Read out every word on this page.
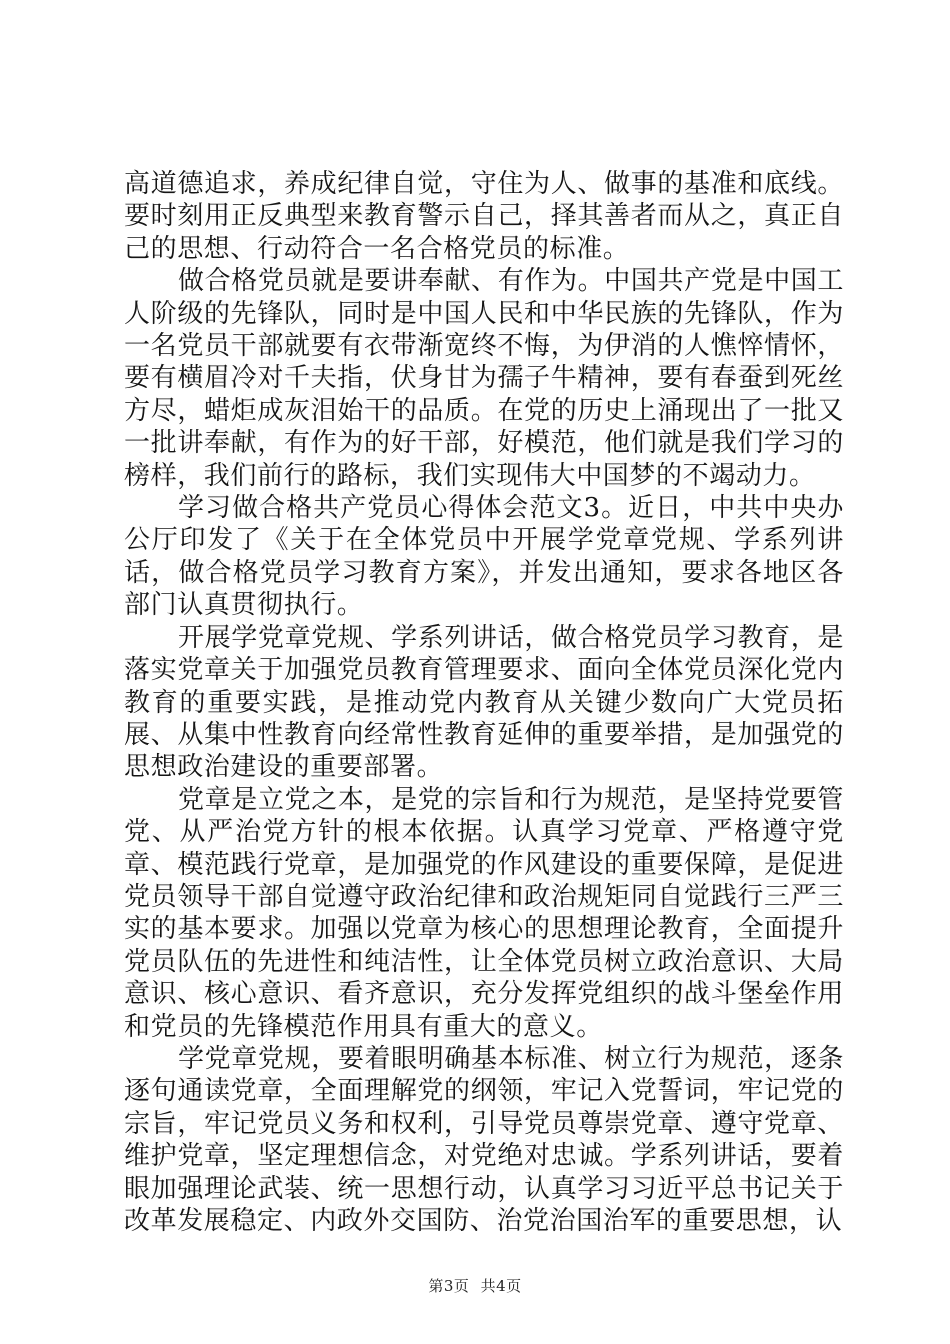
高道德追求，养成纪律自觉，守住为人、做事的基准和底线。要时刻用正反典型来教育警示自己，择其善者而从之，真正自己的思想、行动符合一名合格党员的标准。

做合格党员就是要讲奉献、有作为。中国共产党是中国工人阶级的先锋队，同时是中国人民和中华民族的先锋队，作为一名党员干部就要有衣带渐宽终不悔，为伊消的人憔悴情怀，要有横眉冷对千夫指，伏身甘为孺子牛精神，要有春蚕到死丝方尽，蜡炬成灰泪始干的品质。在党的历史上涌现出了一批又一批讲奉献，有作为的好干部，好模范，他们就是我们学习的榜样，我们前行的路标，我们实现伟大中国梦的不竭动力。

学习做合格共产党员心得体会范文3。近日，中共中央办公厅印发了《关于在全体党员中开展学党章党规、学系列讲话，做合格党员学习教育方案》，并发出通知，要求各地区各部门认真贯彻执行。

开展学党章党规、学系列讲话，做合格党员学习教育，是落实党章关于加强党员教育管理要求、面向全体党员深化党内教育的重要实践，是推动党内教育从关键少数向广大党员拓展、从集中性教育向经常性教育延伸的重要举措，是加强党的思想政治建设的重要部署。

党章是立党之本，是党的宗旨和行为规范，是坚持党要管党、从严治党方针的根本依据。认真学习党章、严格遵守党章、模范践行党章，是加强党的作风建设的重要保障，是促进党员领导干部自觉遵守政治纪律和政治规矩同自觉践行三严三实的基本要求。加强以党章为核心的思想理论教育，全面提升党员队伍的先进性和纯洁性，让全体党员树立政治意识、大局意识、核心意识、看齐意识，充分发挥党组织的战斗堡垒作用和党员的先锋模范作用具有重大的意义。

学党章党规，要着眼明确基本标准、树立行为规范，逐条逐句通读党章，全面理解党的纲领，牢记入党誓词，牢记党的宗旨，牢记党员义务和权利，引导党员尊崇党章、遵守党章、维护党章，坚定理想信念，对党绝对忠诚。学系列讲话，要着眼加强理论武装、统一思想行动，认真学习习近平总书记关于改革发展稳定、内政外交国防、治党治国治军的重要思想，认

第3页 共4页
